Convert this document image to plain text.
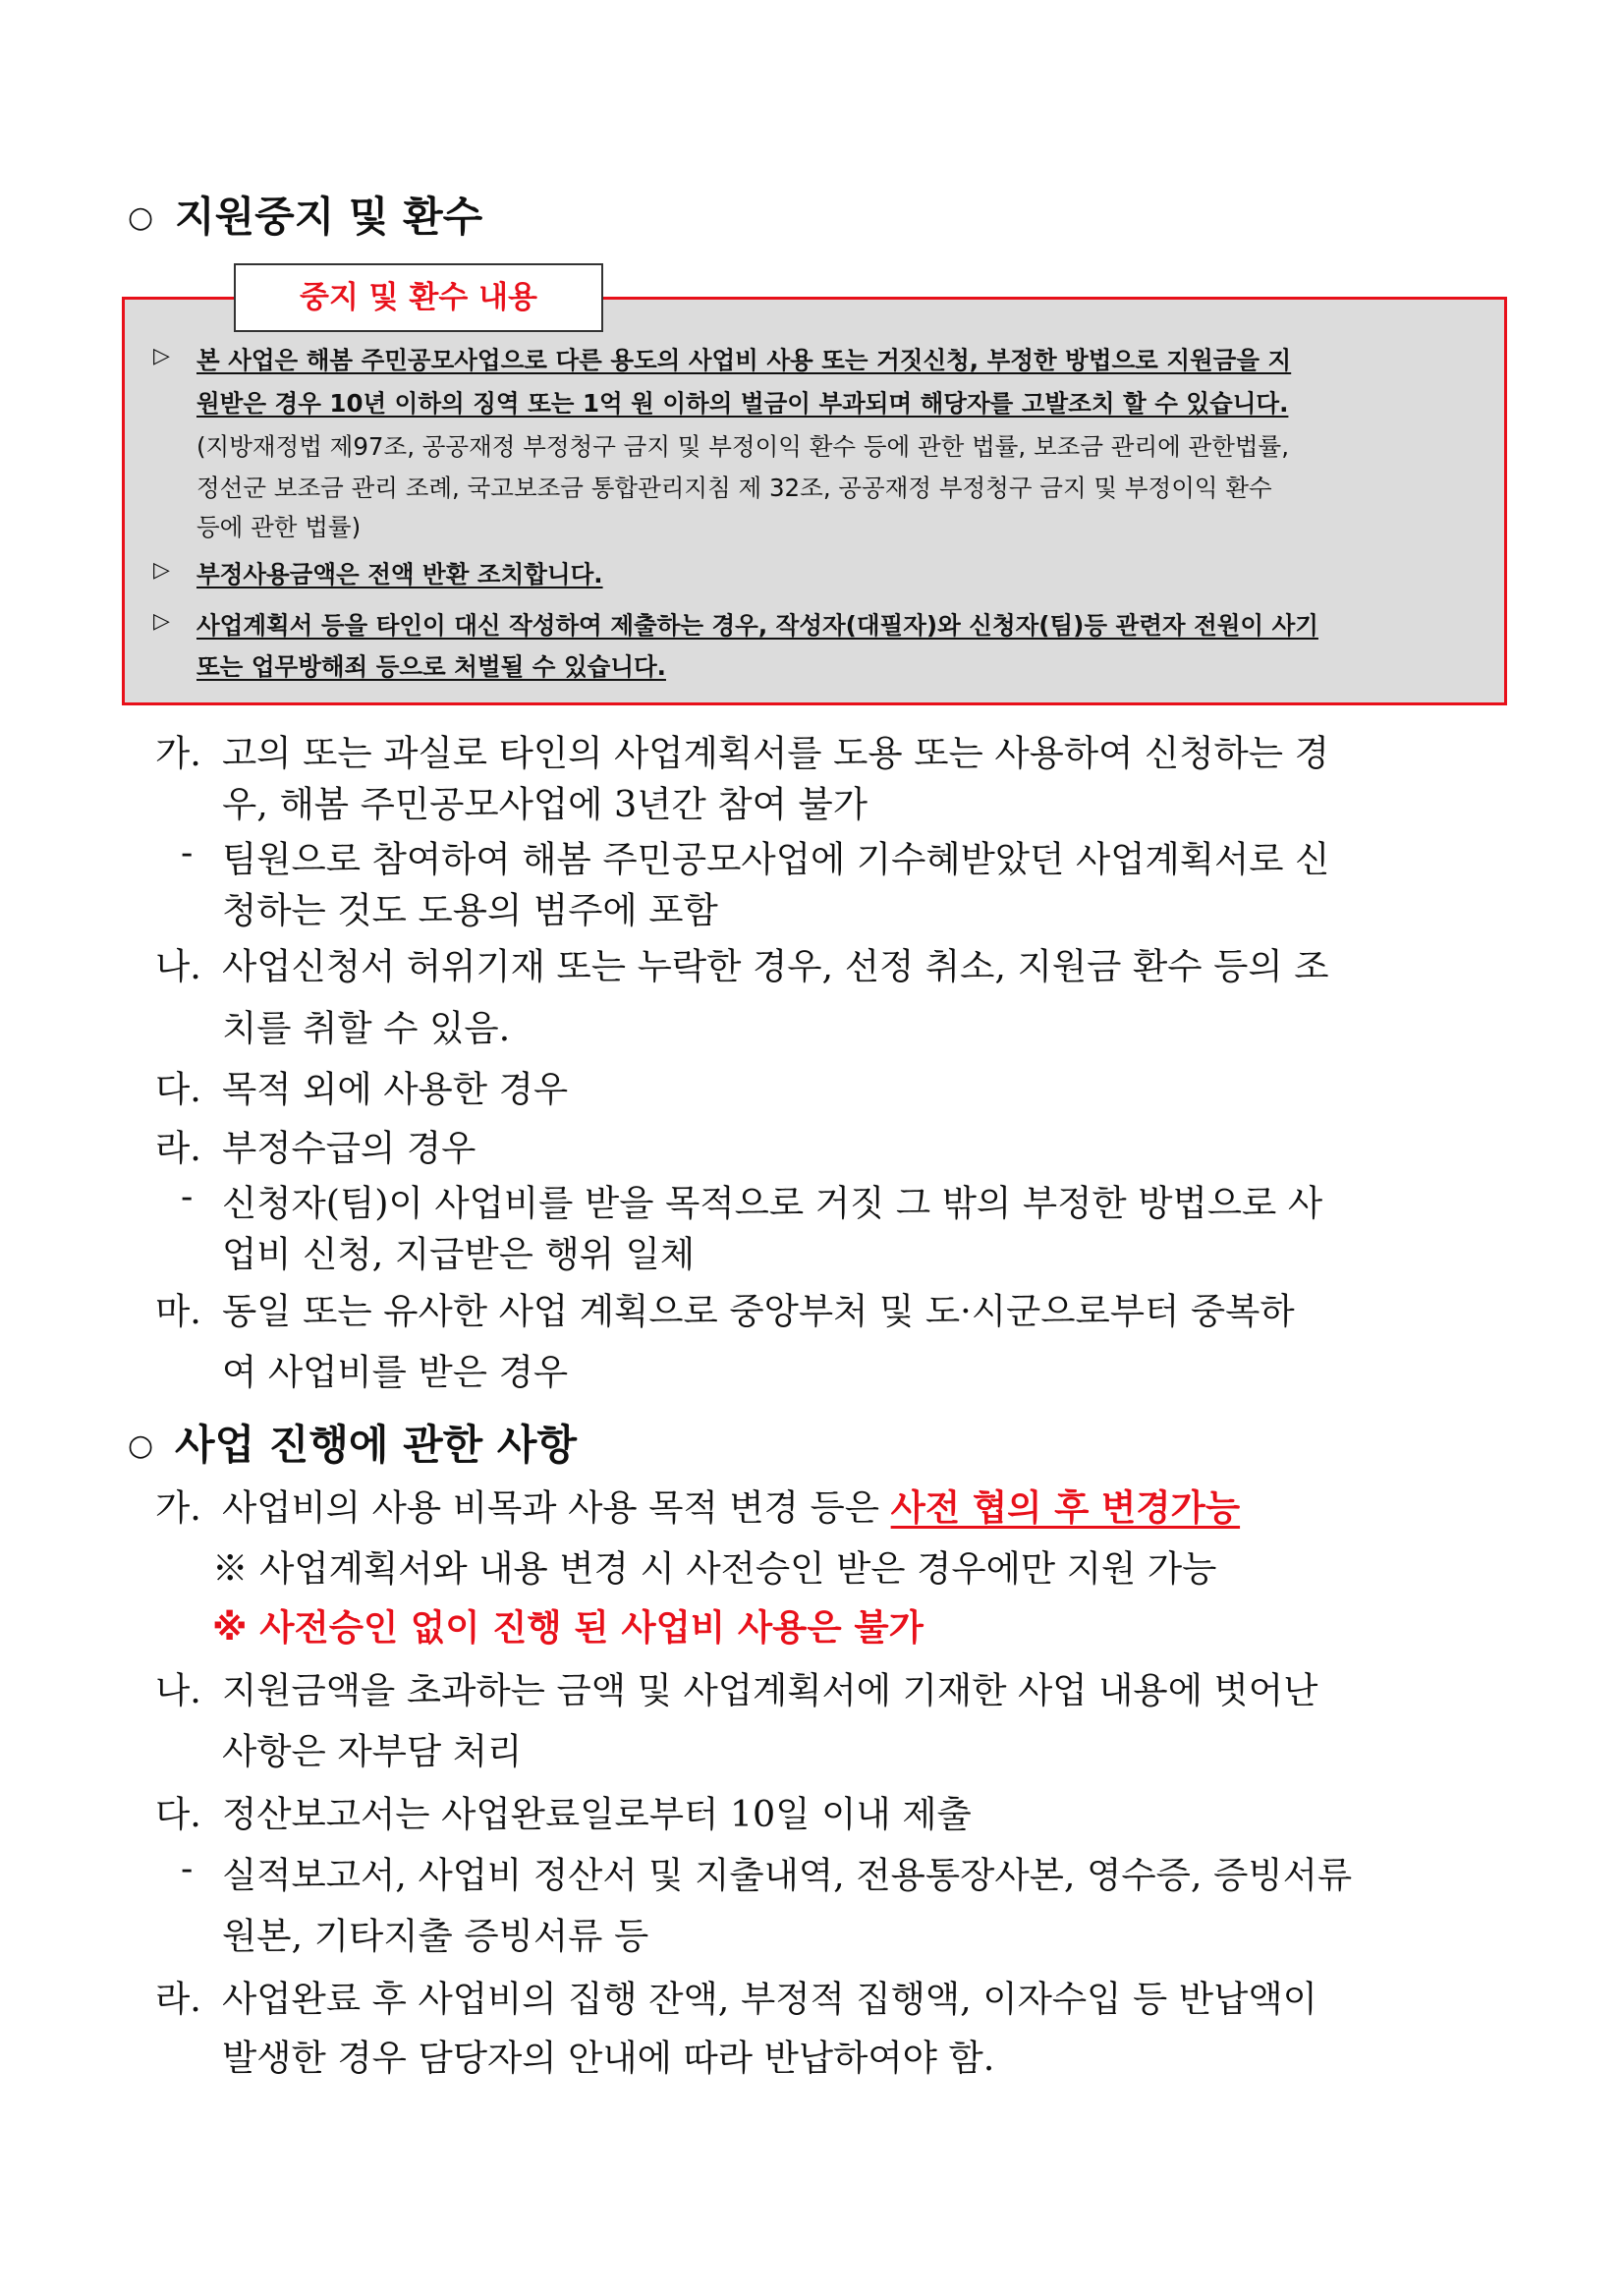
○ 지원중지 및 환수
중지 및 환수 내용
▷ 본 사업은 해봄 주민공모사업으로 다른 용도의 사업비 사용 또는 거짓신청, 부정한 방법으로 지원금을 지
원받은 경우 10년 이하의 징역 또는 1억 원 이하의 벌금이 부과되며 해당자를 고발조치 할 수 있습니다.
(지방재정법 제97조, 공공재정 부정청구 금지 및 부정이익 환수 등에 관한 법률, 보조금 관리에 관한법률,
정선군 보조금 관리 조례, 국고보조금 통합관리지침 제 32조, 공공재정 부정청구 금지 및 부정이익 환수
등에 관한 법률)
▷ 부정사용금액은 전액 반환 조치합니다.
▷ 사업계획서 등을 타인이 대신 작성하여 제출하는 경우, 작성자(대필자)와 신청자(팀)등 관련자 전원이 사기
또는 업무방해죄 등으로 처벌될 수 있습니다.
가. 고의 또는 과실로 타인의 사업계획서를 도용 또는 사용하여 신청하는 경
우, 해봄 주민공모사업에 3년간 참여 불가
- 팀원으로 참여하여 해봄 주민공모사업에 기수혜받았던 사업계획서로 신
청하는 것도 도용의 범주에 포함
나. 사업신청서 허위기재 또는 누락한 경우, 선정 취소, 지원금 환수 등의 조
치를 취할 수 있음.
다. 목적 외에 사용한 경우
라. 부정수급의 경우
- 신청자(팀)이 사업비를 받을 목적으로 거짓 그 밖의 부정한 방법으로 사
업비 신청, 지급받은 행위 일체
마. 동일 또는 유사한 사업 계획으로 중앙부처 및 도·시군으로부터 중복하
여 사업비를 받은 경우
○ 사업 진행에 관한 사항
가. 사업비의 사용 비목과 사용 목적 변경 등은 사전 협의 후 변경가능
※ 사업계획서와 내용 변경 시 사전승인 받은 경우에만 지원 가능
※ 사전승인 없이 진행 된 사업비 사용은 불가
나. 지원금액을 초과하는 금액 및 사업계획서에 기재한 사업 내용에 벗어난
사항은 자부담 처리
다. 정산보고서는 사업완료일로부터 10일 이내 제출
- 실적보고서, 사업비 정산서 및 지출내역, 전용통장사본, 영수증, 증빙서류
원본, 기타지출 증빙서류 등
라. 사업완료 후 사업비의 집행 잔액, 부정적 집행액, 이자수입 등 반납액이
발생한 경우 담당자의 안내에 따라 반납하여야 함.
